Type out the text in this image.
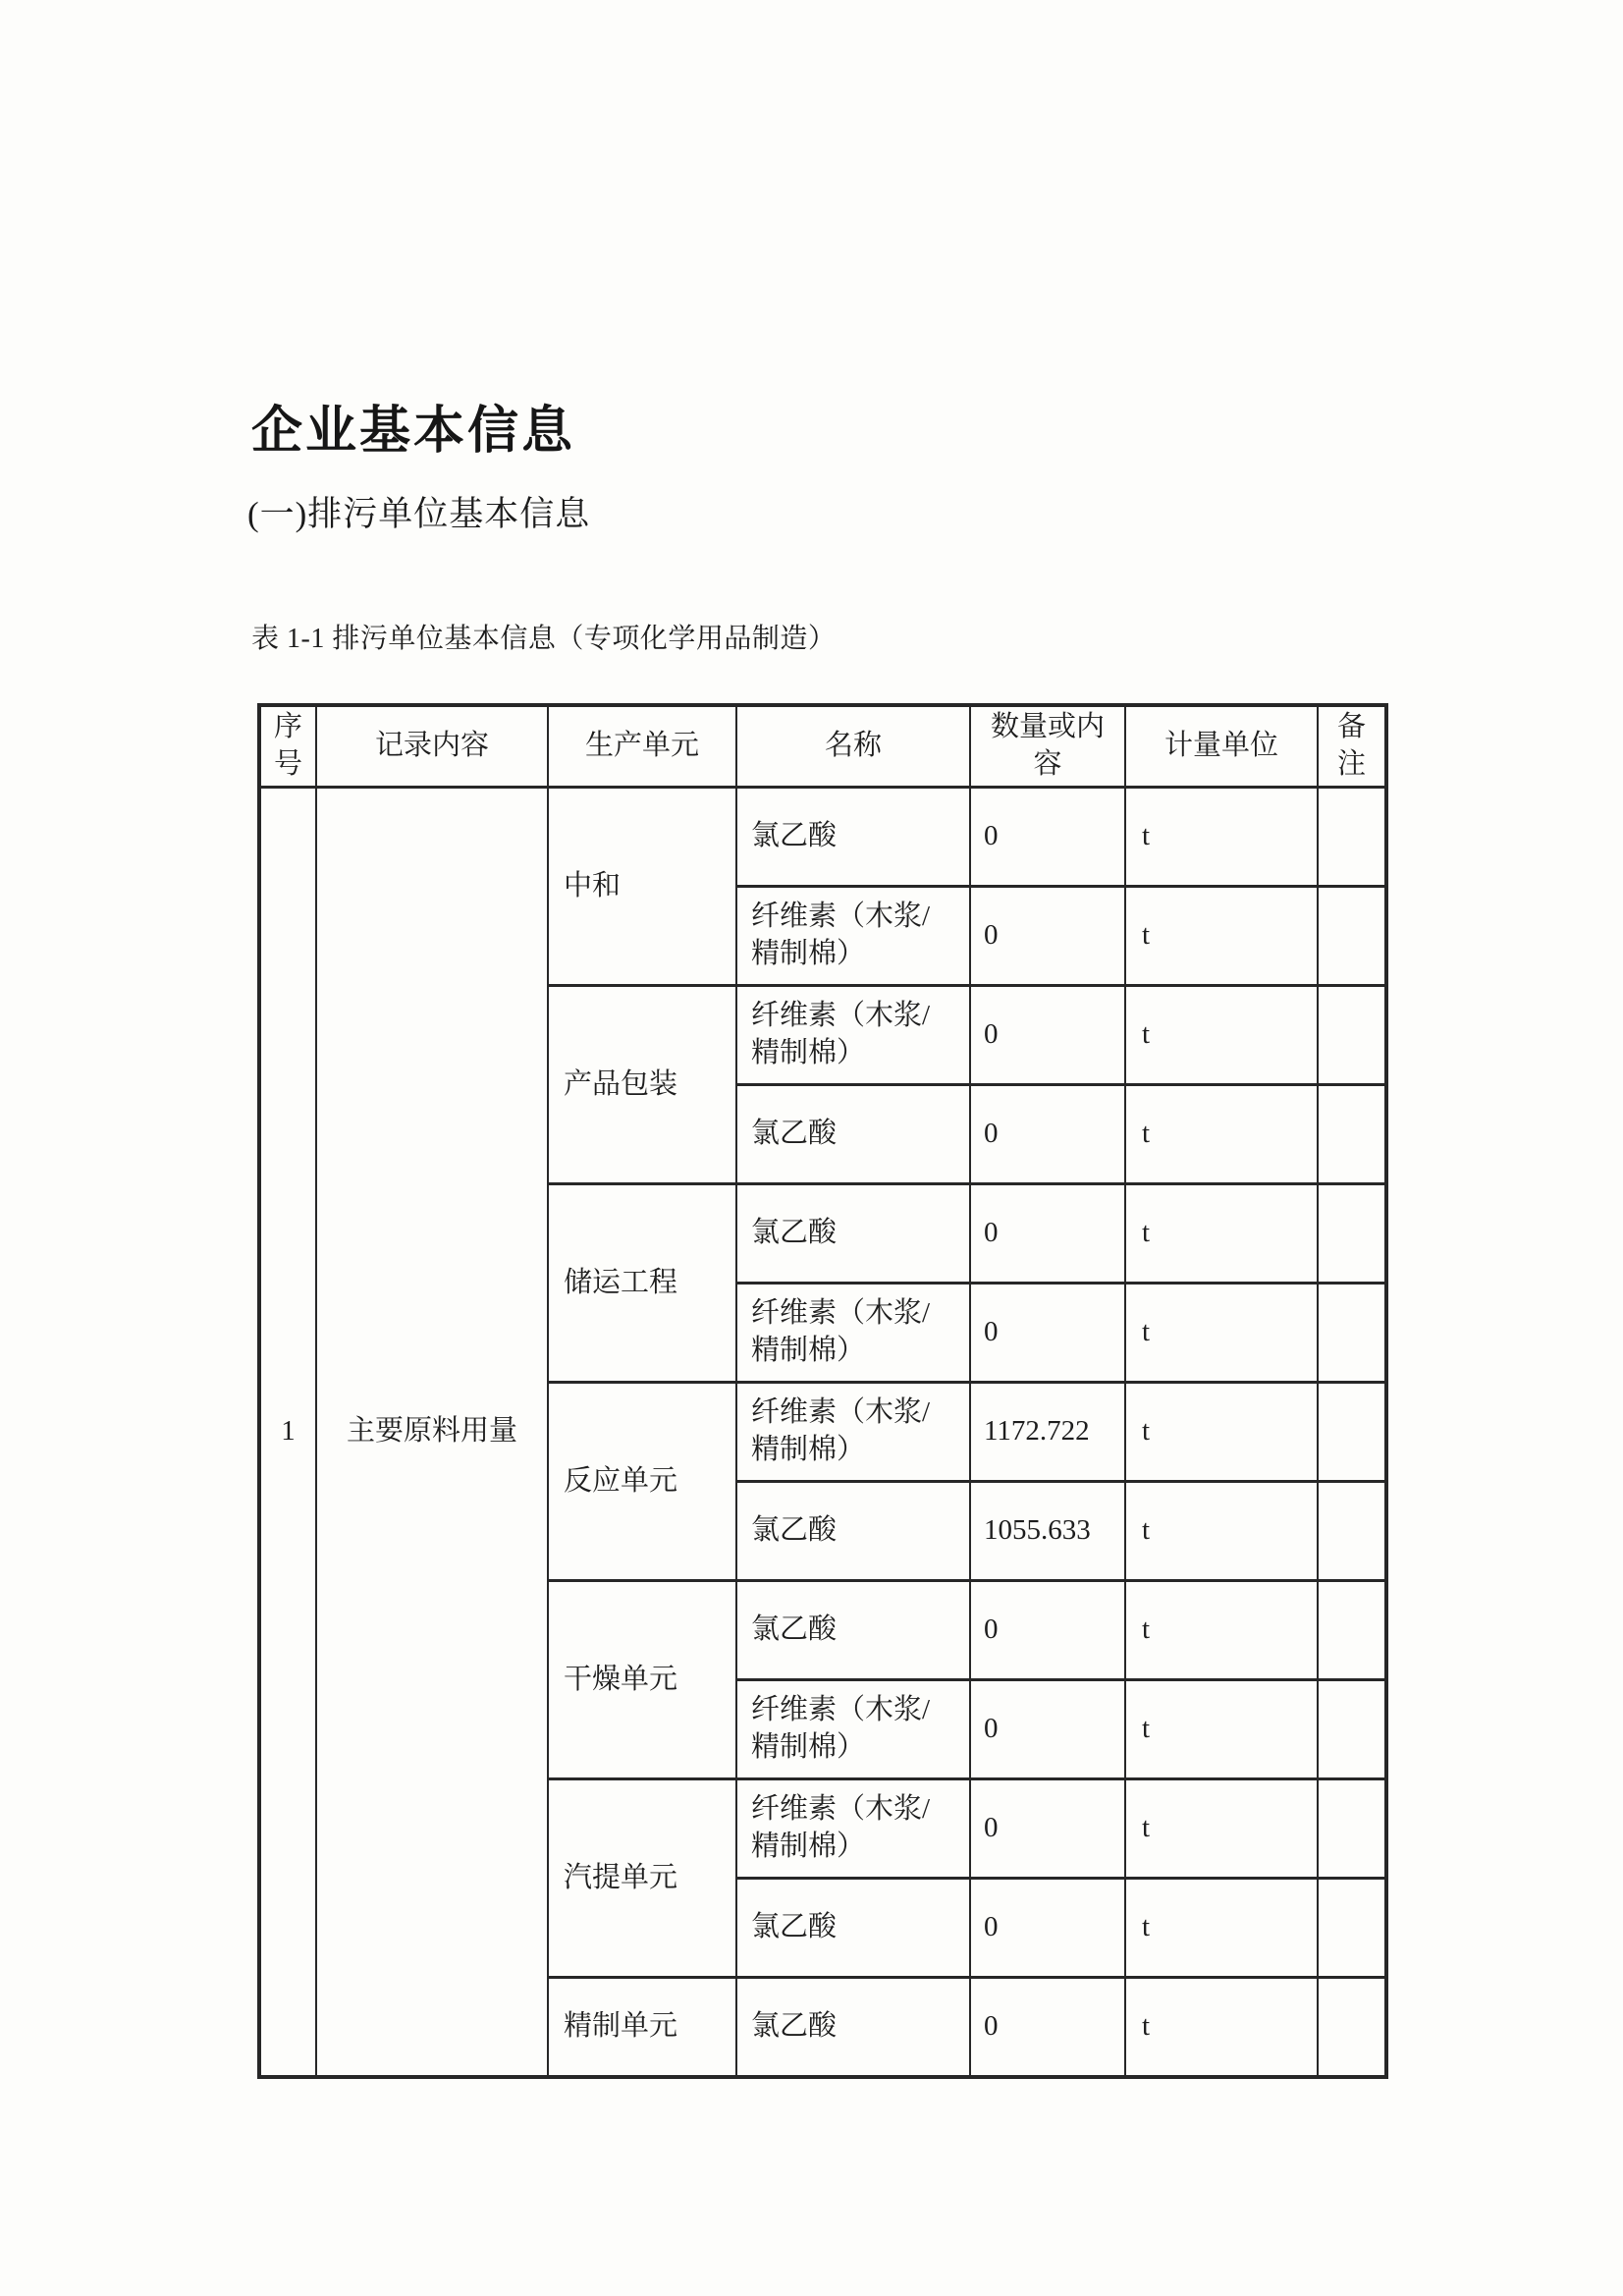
企业基本信息
(一)排污单位基本信息
表 1-1 排污单位基本信息（专项化学用品制造）
序号	记录内容	生产单元	名称	数量或内容	计量单位	备注
1	主要原料用量	中和	氯乙酸	0	t	
			纤维素（木浆/精制棉）	0	t	
		产品包装	纤维素（木浆/精制棉）	0	t	
			氯乙酸	0	t	
		储运工程	氯乙酸	0	t	
			纤维素（木浆/精制棉）	0	t	
		反应单元	纤维素（木浆/精制棉）	1172.722	t	
			氯乙酸	1055.633	t	
		干燥单元	氯乙酸	0	t	
			纤维素（木浆/精制棉）	0	t	
		汽提单元	纤维素（木浆/精制棉）	0	t	
			氯乙酸	0	t	
		精制单元	氯乙酸	0	t	
